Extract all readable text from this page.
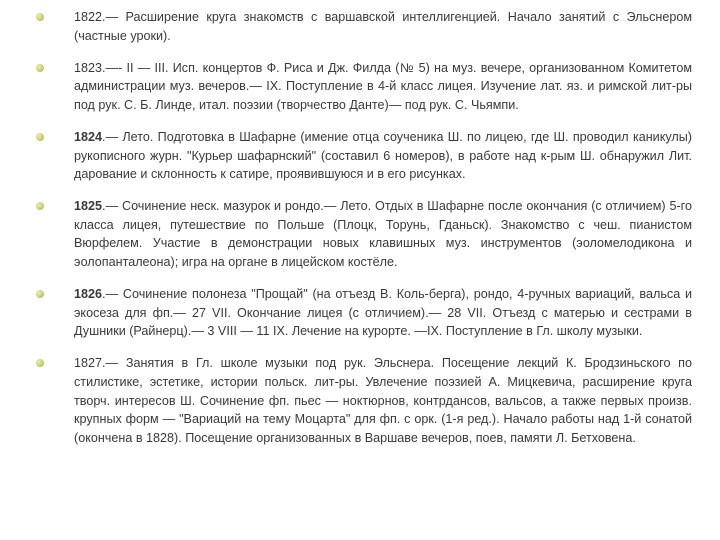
1822.— Расширение круга знакомств с варшавской интеллигенцией. Начало занятий с Эльснером (частные уроки).
1823.—- II — III. Исп. концертов Ф. Риса и Дж. Филда (№ 5) на муз. вечере, организованном Комитетом администрации муз. вечеров.— IX. Поступление в 4-й класс лицея. Изучение лат. яз. и римской лит-ры под рук. С. Б. Линде, итал. поэзии (творчество Данте)— под рук. С. Чьямпи.
1824.— Лето. Подготовка в Шафарне (имение отца соученика Ш. по лицею, где Ш. проводил каникулы) рукописного журн. "Курьер шафарнский" (составил 6 номеров), в работе над к-рым Ш. обнаружил Лит. дарование и склонность к сатире, проявившуюся и в его рисунках.
1825.— Сочинение неск. мазурок и рондо.— Лето. Отдых в Шафарне после окончания (с отличием) 5-го класса лицея, путешествие по Польше (Плоцк, Торунь, Гданьск). Знакомство с чеш. пианистом Вюрфелем. Участие в демонстрации новых клавишных муз. инструментов (эоломелодикона и эолопанталеона); игра на органе в лицейском костёле.
1826.— Сочинение полонеза "Прощай" (на отъезд В. Коль-берга), рондо, 4-ручных вариаций, вальса и экосеза для фп.— 27 VII. Окончание лицея (с отличием).— 28 VII. Отъезд с матерью и сестрами в Душники (Райнерц).— 3 VIII — 11 IX. Лечение на курорте. —IX. Поступление в Гл. школу музыки.
1827.— Занятия в Гл. школе музыки под рук. Эльснера. Посещение лекций К. Бродзиньского по стилистике, эстетике, истории польск. лит-ры. Увлечение поэзией А. Мицкевича, расширение круга творч. интересов Ш. Сочинение фп. пьес — ноктюрнов, контрдансов, вальсов, а также первых произв. крупных форм — "Вариаций на тему Моцарта" для фп. с орк. (1-я ред.). Начало работы над 1-й сонатой (окончена в 1828). Посещение организованных в Варшаве вечеров, поев, памяти Л. Бетховена.
